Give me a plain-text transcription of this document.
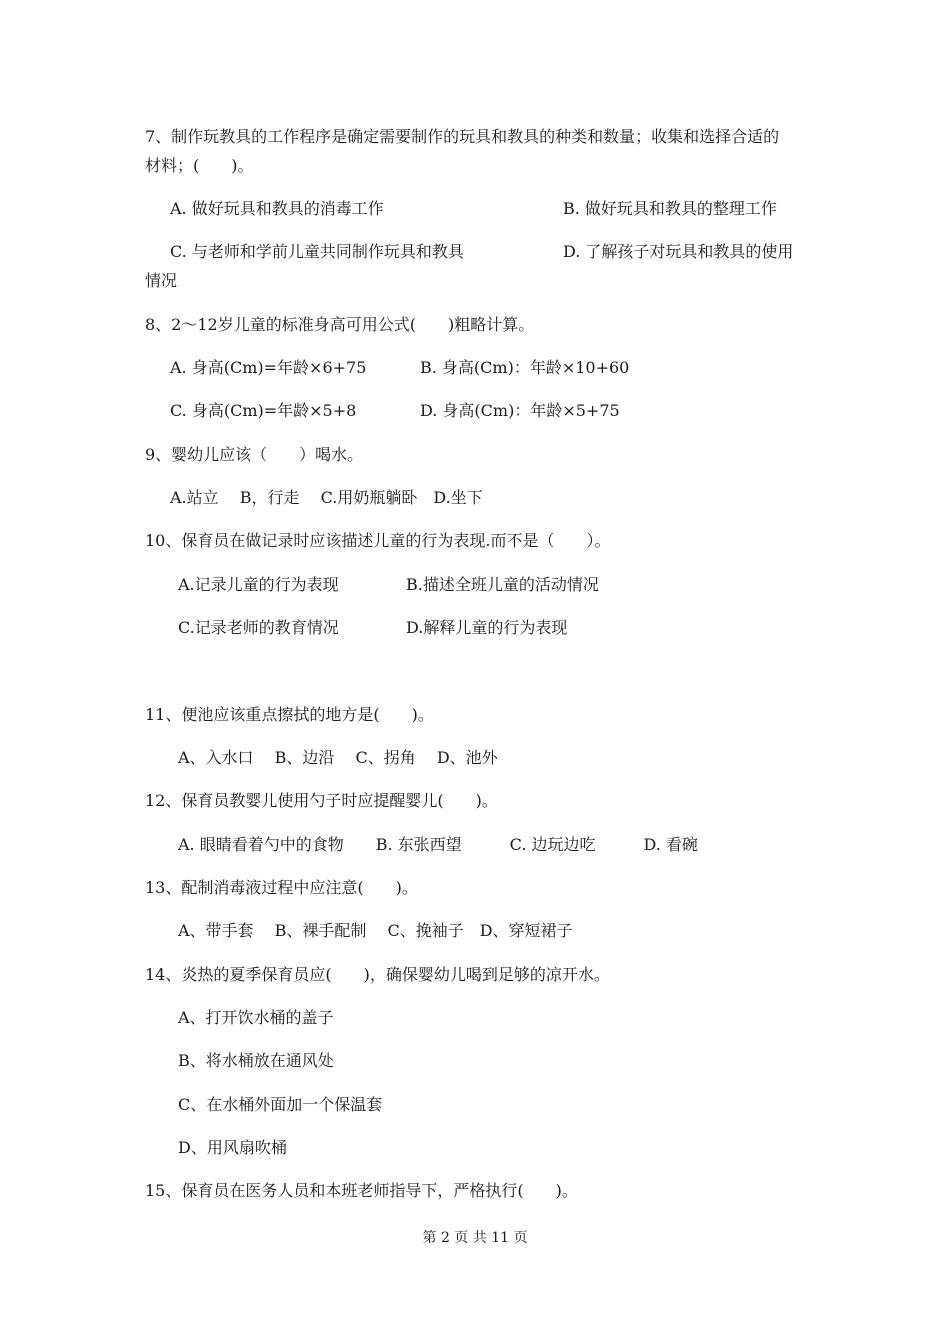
7、制作玩教具的工作程序是确定需要制作的玩具和教具的种类和数量；收集和选择合适的
材料；(　　)。
A. 做好玩具和教具的消毒工作	B. 做好玩具和教具的整理工作
C. 与老师和学前儿童共同制作玩具和教具	D. 了解孩子对玩具和教具的使用
情况
8、2～12岁儿童的标准身高可用公式(　　)粗略计算。
A. 身高(Cm)=年龄×6+75	B. 身高(Cm)：年龄×10+60
C. 身高(Cm)=年龄×5+8	D. 身高(Cm)：年龄×5+75
9、婴幼儿应该（　　）喝水。
A.站立　 B，行走　 C.用奶瓶躺卧　D.坐下
10、保育员在做记录时应该描述儿童的行为表现.而不是（　　）。
A.记录儿童的行为表现	B.描述全班儿童的活动情况
C.记录老师的教育情况	D.解释儿童的行为表现
11、便池应该重点擦拭的地方是(　　)。
A、入水口　 B、边沿　 C、拐角　 D、池外
12、保育员教婴儿使用勺子时应提醒婴儿(　　)。
A. 眼睛看着勺中的食物　　B. 东张西望　　　C. 边玩边吃　　　D. 看碗
13、配制消毒液过程中应注意(　　)。
A、带手套　 B、裸手配制　 C、挽袖子　D、穿短裙子
14、炎热的夏季保育员应(　　)，确保婴幼儿喝到足够的凉开水。
A、打开饮水桶的盖子
B、将水桶放在通风处
C、在水桶外面加一个保温套
D、用风扇吹桶
15、保育员在医务人员和本班老师指导下，严格执行(　　)。
第 2 页 共 11 页
